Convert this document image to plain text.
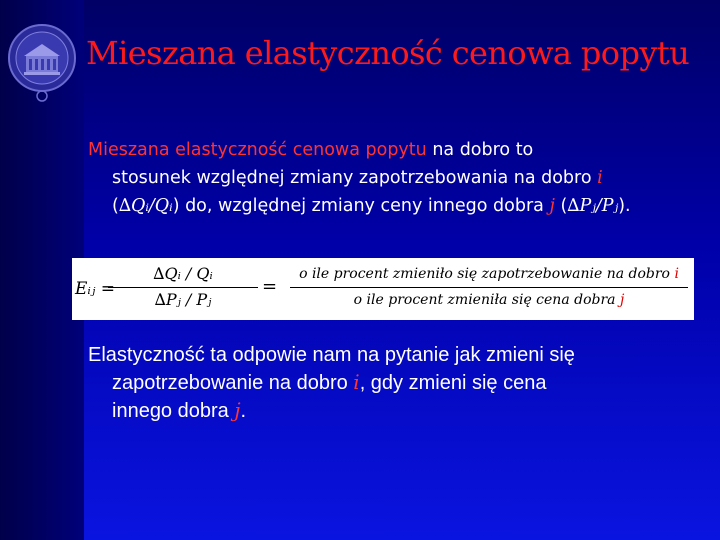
Mieszana elastyczność cenowa popytu
Mieszana elastyczność cenowa popytu na dobro to
stosunek względnej zmiany zapotrzebowania na dobro i
(∆Qᵢ/Qᵢ) do, względnej zmiany ceny innego dobra j (∆Pⱼ/Pⱼ).
Eᵢⱼ =
∆Qᵢ / Qᵢ
∆Pⱼ / Pⱼ
=
o ile procent zmieniło się zapotrzebowanie na dobro i
o ile procent zmieniła się cena dobra j
Elastyczność ta odpowie nam na pytanie jak zmieni się
zapotrzebowanie na dobro i, gdy zmieni się cena
innego dobra j.
